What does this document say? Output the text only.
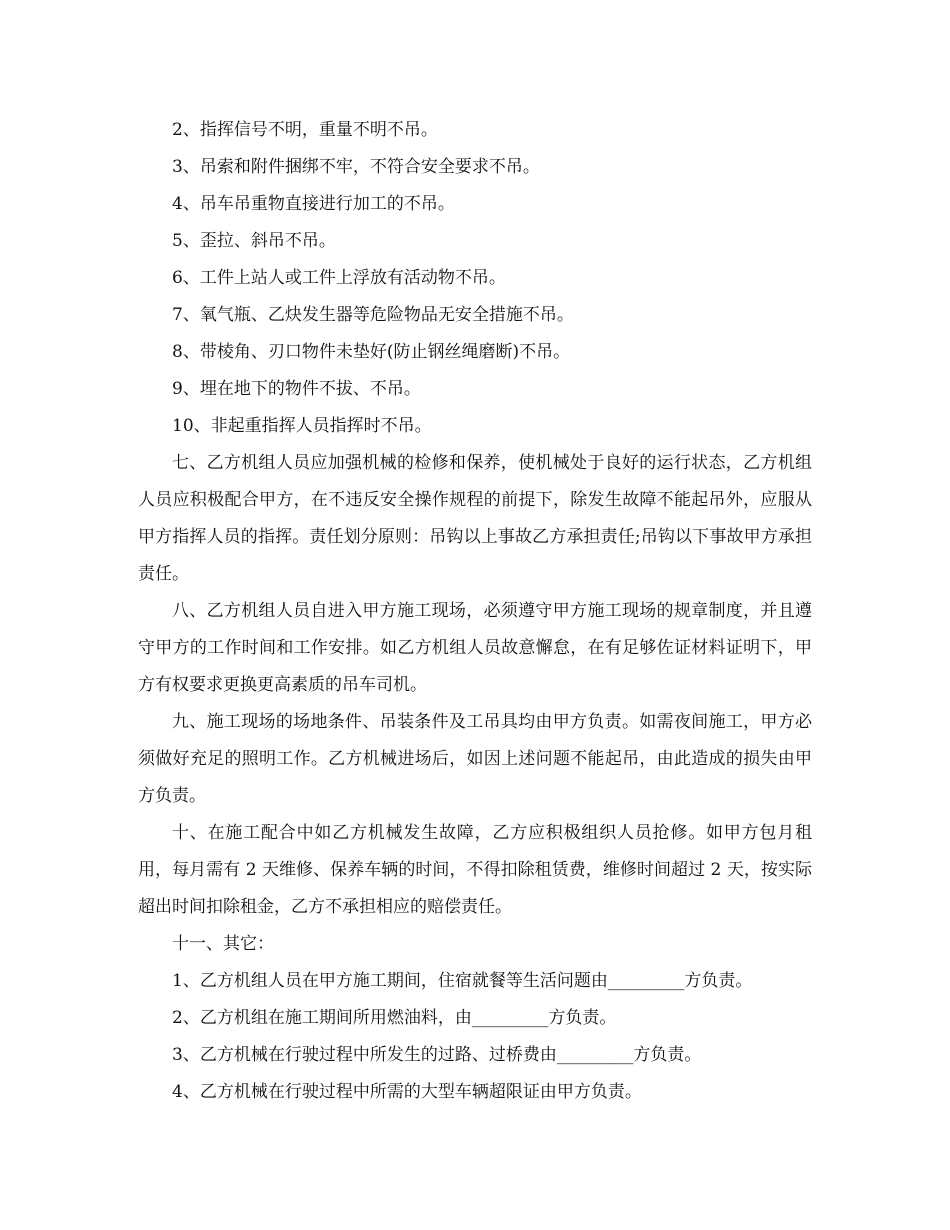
2、指挥信号不明，重量不明不吊。

3、吊索和附件捆绑不牢，不符合安全要求不吊。

4、吊车吊重物直接进行加工的不吊。

5、歪拉、斜吊不吊。

6、工件上站人或工件上浮放有活动物不吊。

7、氧气瓶、乙炔发生器等危险物品无安全措施不吊。

8、带棱角、刃口物件未垫好(防止钢丝绳磨断)不吊。

9、埋在地下的物件不拔、不吊。

10、非起重指挥人员指挥时不吊。

七、乙方机组人员应加强机械的检修和保养，使机械处于良好的运行状态，乙方机组人员应积极配合甲方，在不违反安全操作规程的前提下，除发生故障不能起吊外，应服从甲方指挥人员的指挥。责任划分原则：吊钩以上事故乙方承担责任;吊钩以下事故甲方承担责任。

八、乙方机组人员自进入甲方施工现场，必须遵守甲方施工现场的规章制度，并且遵守甲方的工作时间和工作安排。如乙方机组人员故意懈怠，在有足够佐证材料证明下，甲方有权要求更换更高素质的吊车司机。

九、施工现场的场地条件、吊装条件及工吊具均由甲方负责。如需夜间施工，甲方必须做好充足的照明工作。乙方机械进场后，如因上述问题不能起吊，由此造成的损失由甲方负责。

十、在施工配合中如乙方机械发生故障，乙方应积极组织人员抢修。如甲方包月租用，每月需有 2 天维修、保养车辆的时间，不得扣除租赁费，维修时间超过 2 天，按实际超出时间扣除租金，乙方不承担相应的赔偿责任。

十一、其它：

1、乙方机组人员在甲方施工期间，住宿就餐等生活问题由_________方负责。

2、乙方机组在施工期间所用燃油料，由_________方负责。

3、乙方机械在行驶过程中所发生的过路、过桥费由_________方负责。

4、乙方机械在行驶过程中所需的大型车辆超限证由甲方负责。
